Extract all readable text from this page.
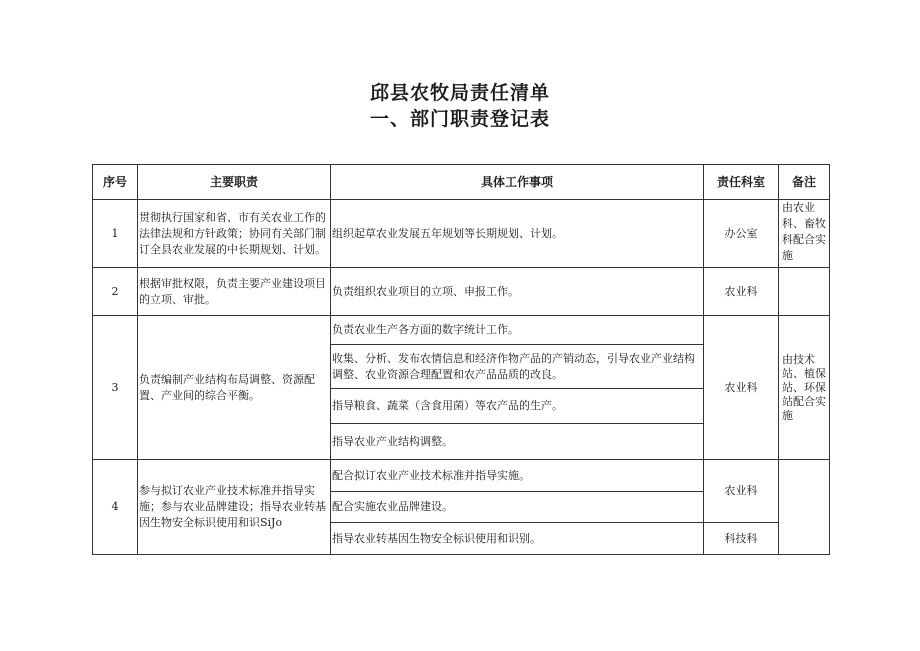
邱县农牧局责任清单
一、部门职责登记表
序号	主要职责	具体工作事项	责任科室	备注
1	贯彻执行国家和省、市有关农业工作的法律法规和方针政策；协同有关部门制订全县农业发展的中长期规划、计划。	组织起草农业发展五年规划等长期规划、计划。	办公室	由农业科、畜牧科配合实施
2	根据审批权限，负责主要产业建设项目的立项、审批。	负责组织农业项目的立项、申报工作。	农业科	
3	负责编制产业结构布局调整、资源配置、产业间的综合平衡。	负责农业生产各方面的数字统计工作。	农业科	由技术站、植保站、环保站配合实施
		收集、分析、发布农情信息和经济作物产品的产销动态，引导农业产业结构调整、农业资源合理配置和农产品品质的改良。		
		指导粮食、蔬菜（含食用菌）等农产品的生产。		
		指导农业产业结构调整。		
4	参与拟订农业产业技术标准并指导实施；参与农业品牌建设；指导农业转基因生物安全标识使用和识SiJo	配合拟订农业产业技术标准并指导实施。	农业科	
		配合实施农业品牌建设。		
		指导农业转基因生物安全标识使用和识别。	科技科	
